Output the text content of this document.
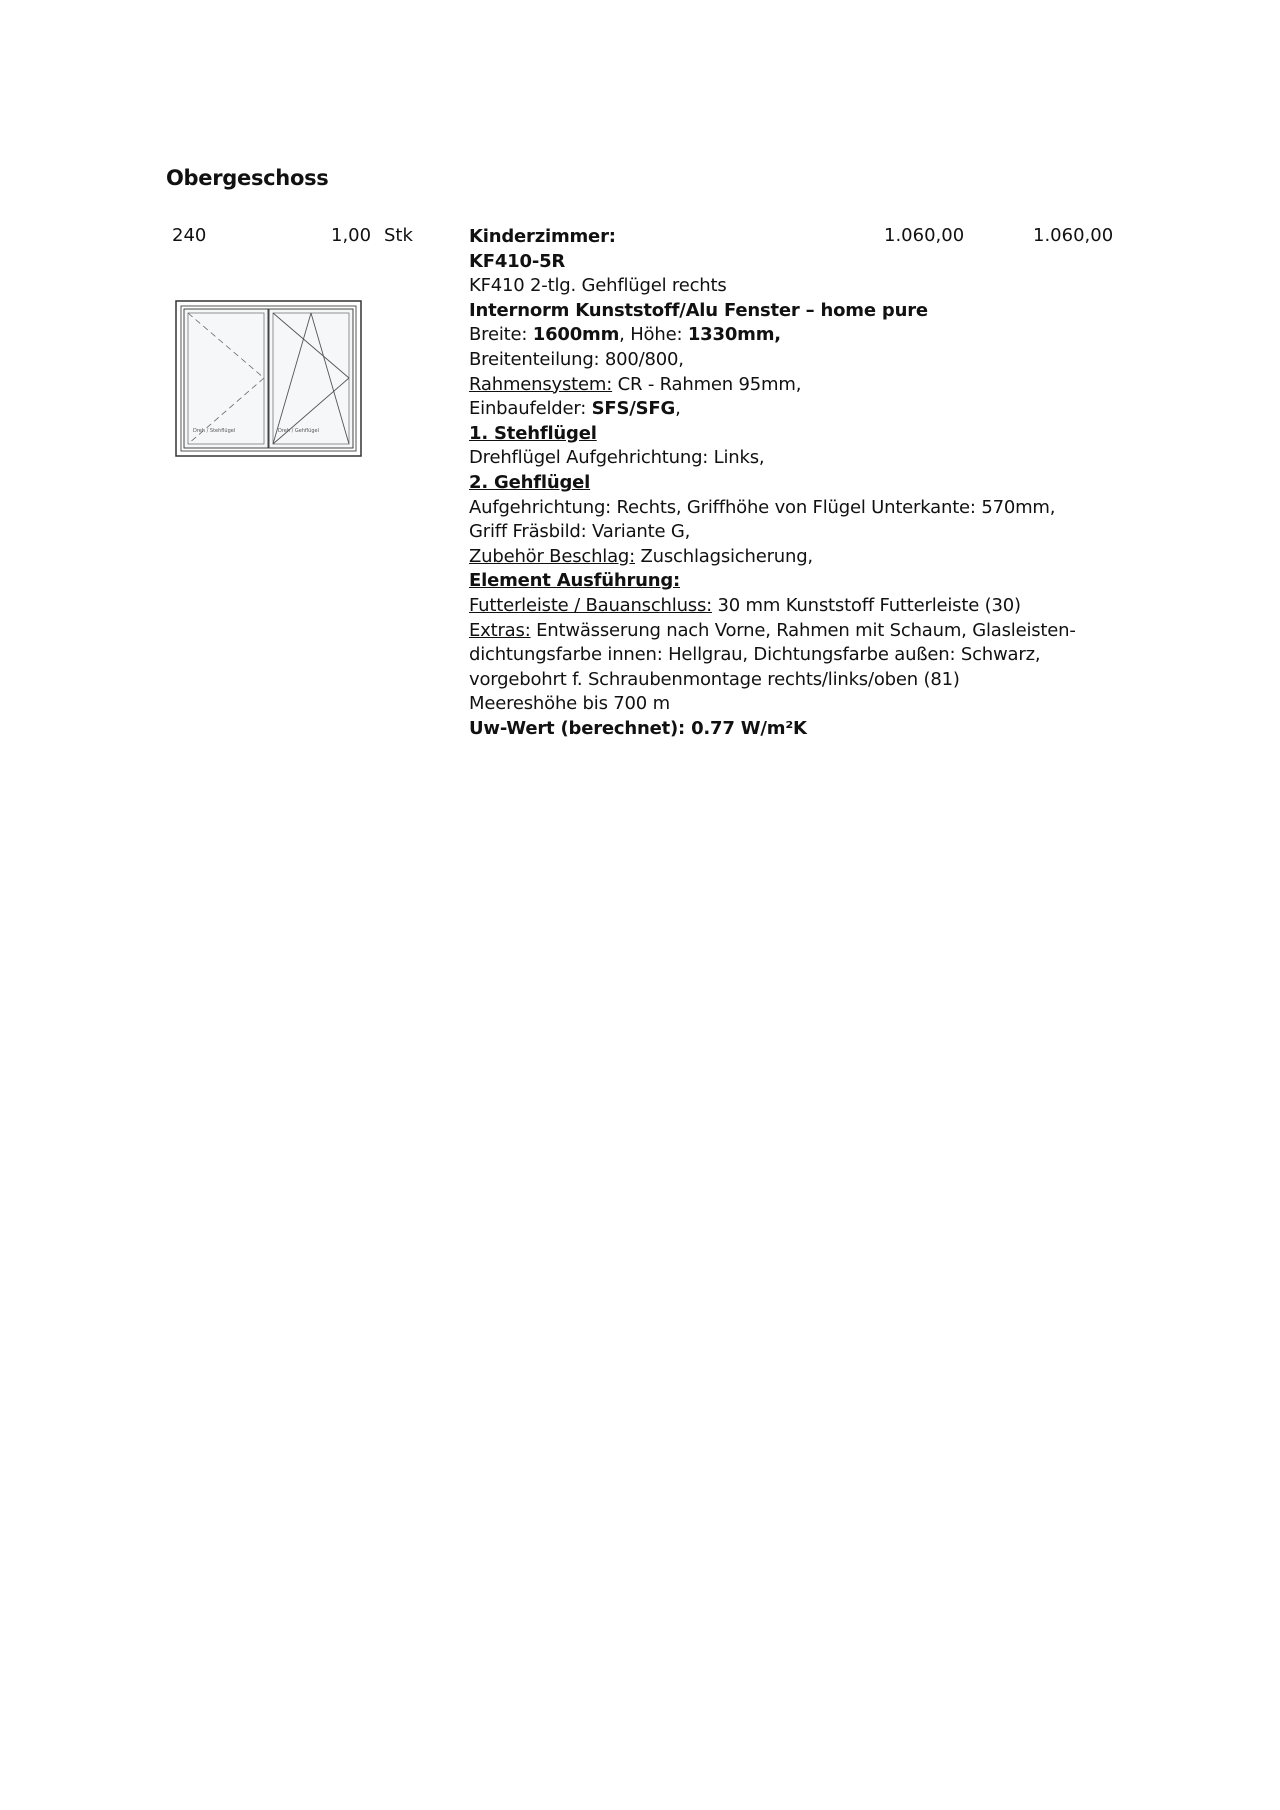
Obergeschoss
240	1,00 Stk	1.060,00	1.060,00
Dreh / Stehflügel	Dreh / Gehflügel
Kinderzimmer:
KF410-5R
KF410 2-tlg. Gehflügel rechts
Internorm Kunststoff/Alu Fenster – home pure
Breite: 1600mm, Höhe: 1330mm,
Breitenteilung: 800/800,
Rahmensystem: CR - Rahmen 95mm,
Einbaufelder: SFS/SFG,
1. Stehflügel
Drehflügel Aufgehrichtung: Links,
2. Gehflügel
Aufgehrichtung: Rechts, Griffhöhe von Flügel Unterkante: 570mm,
Griff Fräsbild: Variante G,
Zubehör Beschlag: Zuschlagsicherung,
Element Ausführung:
Futterleiste / Bauanschluss: 30 mm Kunststoff Futterleiste (30)
Extras: Entwässerung nach Vorne, Rahmen mit Schaum, Glasleisten-
dichtungsfarbe innen: Hellgrau, Dichtungsfarbe außen: Schwarz,
vorgebohrt f. Schraubenmontage rechts/links/oben (81)
Meereshöhe bis 700 m
Uw-Wert (berechnet): 0.77 W/m²K
